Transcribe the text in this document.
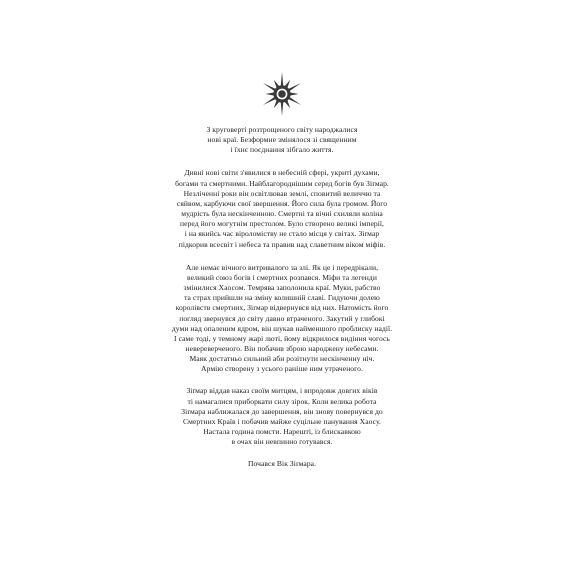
З круговерті розтрощеного світу народжалися
нові краї. Безформне змінялося зі священним
і їхнє поєднання зібгало життя.

Дивні нові світи з'явилися в небесній сфері, укриті духами,
богами та смертними. Найблагороднішим серед богів був Зіґмар.
Незліченні роки він освітлював землі, сповитий величчю та
сяйвом, карбуючи свої звершення. Його сила була громом. Його
мудрість була нескінченною. Смертні та вічні схиляли коліна
перед його могутнім престолом. Було створено великі імперії,
і на якийсь час віроломіству не стало місця у світах. Зіґмар
підкорив всесвіт і небеса та правив над славетним віком міфів.

Але немає вічного витривалого за злі. Як це і передрікали,
великий союз богів і смертних розпався. Міфи та легенди
змінилися Хаосом. Темрява заполонила краї. Муки, рабство
та страх прийшли на зміну колишній славі. Гидуючи долею
королівств смертних, Зіґмар відвернувся від них. Натомість його
погляд звернувся до світу давно втраченого. Закутий у глибокі
думи над опаленим ядром, він шукав найменшого проблиску надії.
І саме тоді, у темному жарі люті, йому відкрилося видіння чогось
невереверченого. Він побачив зброю народжену небесами.
Маяк достатньо сильний аби розітнути нескінченну ніч.
Армію створену з усього раніше ним утраченого.

Зіґмар віддав наказ своїм митцям, і впродовж довгих віків
ті намагалися приборкати силу зірок. Коли велика робота
Зіґмара наближалася до завершення, він знову повернувся до
Смертних Країв і побачив майже суцільне панування Хаосу.
Настала година помсти. Нарешті, із блискавкою
в очах він невпинно готувався.

Почався Вік Зіґмара.
